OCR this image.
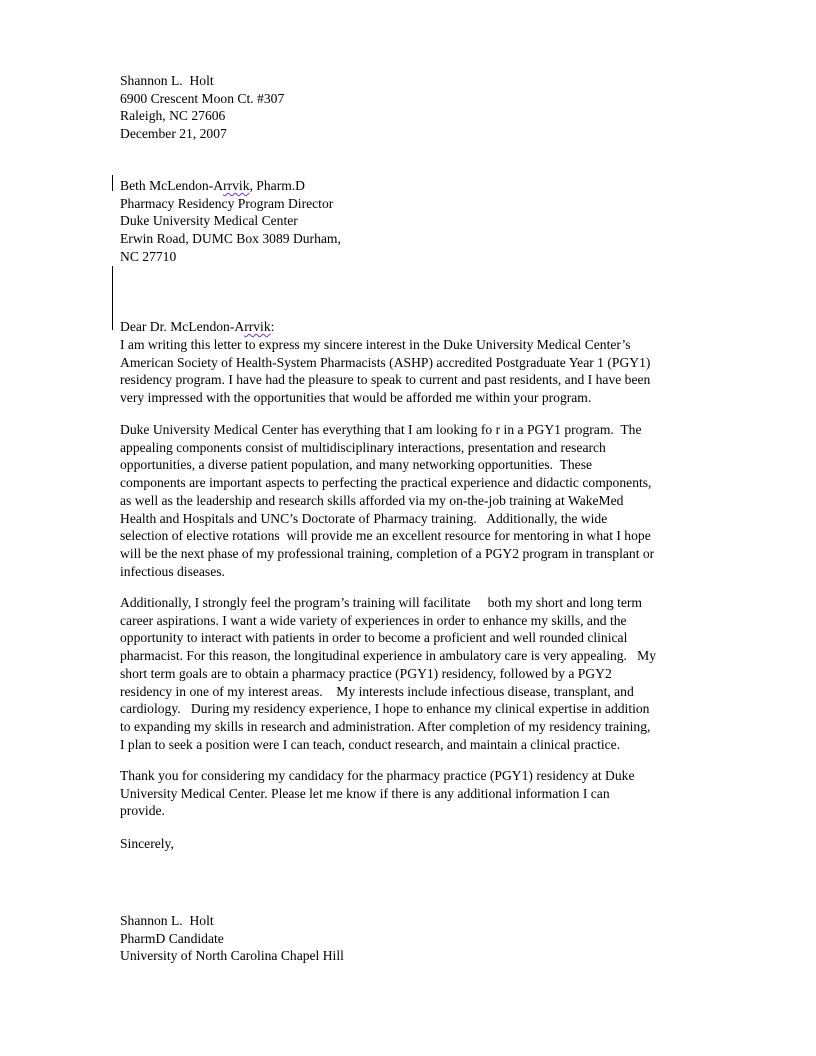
Shannon L.  Holt
6900 Crescent Moon Ct. #307
Raleigh, NC 27606
December 21, 2007
Beth McLendon-Arrvik, Pharm.D
Pharmacy Residency Program Director
Duke University Medical Center
Erwin Road, DUMC Box 3089 Durham,
NC 27710
Dear Dr. McLendon-Arrvik:
I am writing this letter to express my sincere interest in the Duke University Medical Center’s
American Society of Health-System Pharmacists (ASHP) accredited Postgraduate Year 1 (PGY1)
residency program. I have had the pleasure to speak to current and past residents, and I have been
very impressed with the opportunities that would be afforded me within your program.
Duke University Medical Center has everything that I am looking fo r in a PGY1 program.  The
appealing components consist of multidisciplinary interactions, presentation and research
opportunities, a diverse patient population, and many networking opportunities.  These
components are important aspects to perfecting the practical experience and didactic components,
as well as the leadership and research skills afforded via my on-the-job training at WakeMed
Health and Hospitals and UNC’s Doctorate of Pharmacy training.   Additionally, the wide
selection of elective rotations  will provide me an excellent resource for mentoring in what I hope
will be the next phase of my professional training, completion of a PGY2 program in transplant or
infectious diseases.
Additionally, I strongly feel the program’s training will facilitate     both my short and long term
career aspirations. I want a wide variety of experiences in order to enhance my skills, and the
opportunity to interact with patients in order to become a proficient and well rounded clinical
pharmacist. For this reason, the longitudinal experience in ambulatory care is very appealing.   My
short term goals are to obtain a pharmacy practice (PGY1) residency, followed by a PGY2
residency in one of my interest areas.    My interests include infectious disease, transplant, and
cardiology.   During my residency experience, I hope to enhance my clinical expertise in addition
to expanding my skills in research and administration. After completion of my residency training,
I plan to seek a position were I can teach, conduct research, and maintain a clinical practice.
Thank you for considering my candidacy for the pharmacy practice (PGY1) residency at Duke
University Medical Center. Please let me know if there is any additional information I can
provide.
Sincerely,
Shannon L.  Holt
PharmD Candidate
University of North Carolina Chapel Hill
